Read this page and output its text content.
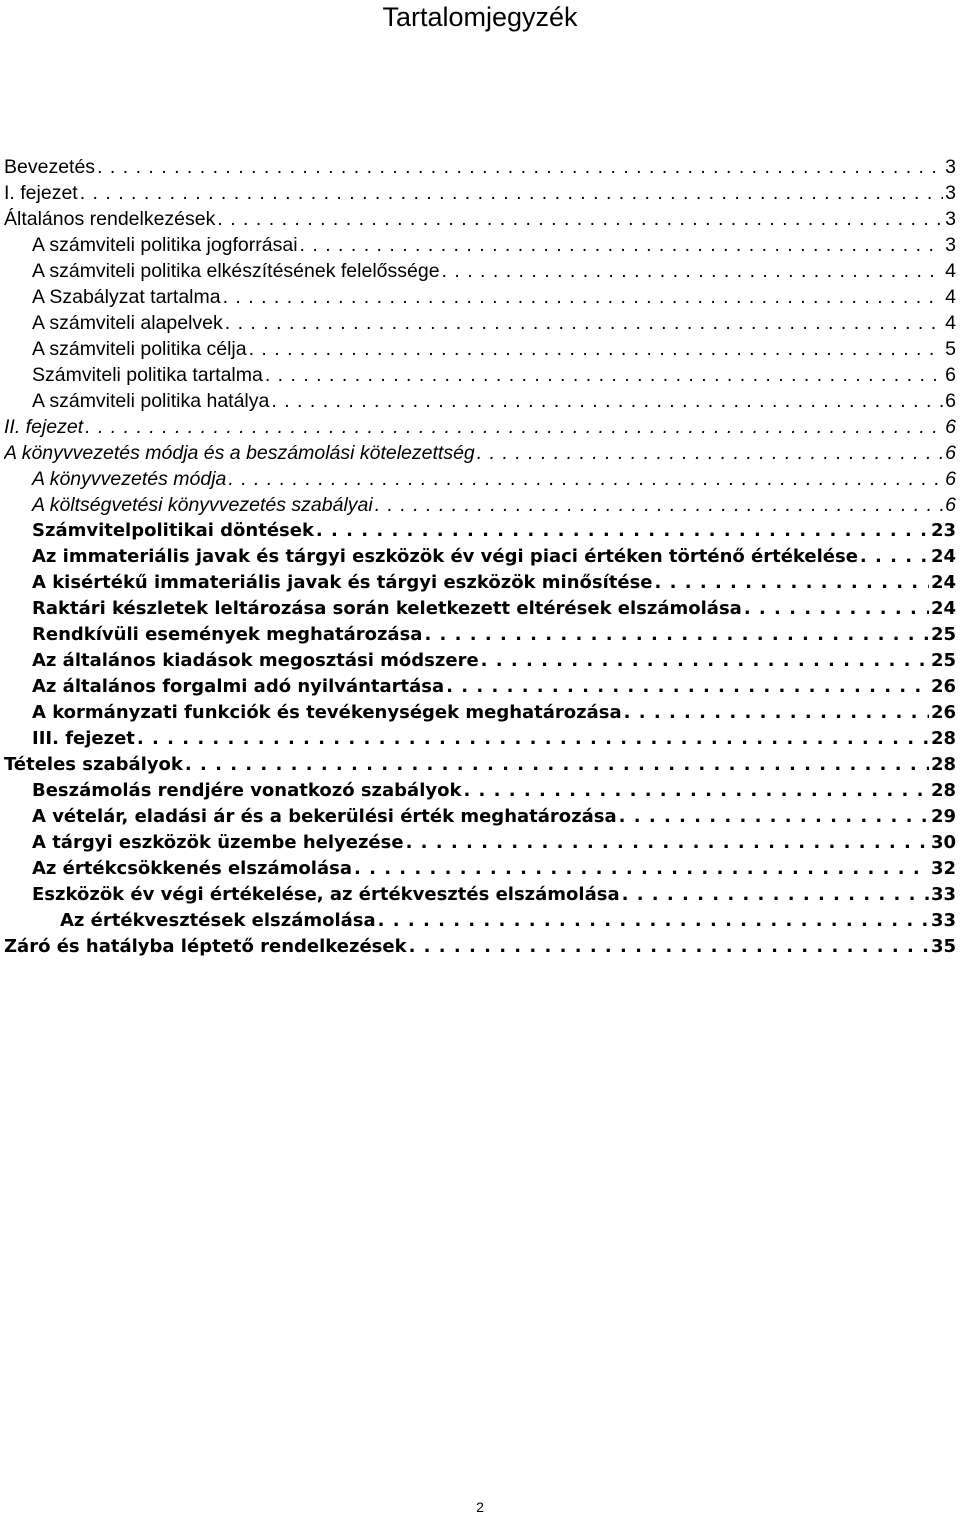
Tartalomjegyzék
Bevezetés . . .	3
I. fejezet . . .	3
Általános rendelkezések . . .	3
A számviteli politika jogforrásai . . .	3
A számviteli politika elkészítésének felelőssége . . .	4
A Szabályzat tartalma . . .	4
A számviteli alapelvek . . .	4
A számviteli politika célja . . .	5
Számviteli politika tartalma . . .	6
A számviteli politika hatálya . . .	6
II. fejezet . . .	6
A könyvvezetés módja és a beszámolási kötelezettség . . .	6
A könyvvezetés módja . . .	6
A költségvetési könyvvezetés szabályai . . .	6
Számvitelpolitikai döntések . . .	23
Az immateriális javak és tárgyi eszközök év végi piaci értéken történő értékelése . . .	24
A kisértékű immateriális javak és tárgyi eszközök minősítése . . .	24
Raktári készletek leltározása során keletkezett eltérések elszámolása . . .	24
Rendkívüli események meghatározása . . .	25
Az általános kiadások megosztási módszere . . .	25
Az általános forgalmi adó nyilvántartása . . .	26
A kormányzati funkciók és tevékenységek meghatározása . . .	26
III. fejezet . . .	28
Tételes szabályok . . .	28
Beszámolás rendjére vonatkozó szabályok . . .	28
A vételár, eladási ár és a bekerülési érték meghatározása . . .	29
A tárgyi eszközök üzembe helyezése . . .	30
Az értékcsökkenés elszámolása . . .	32
Eszközök év végi értékelése, az értékvesztés elszámolása . . .	33
Az értékvesztések elszámolása . . .	33
Záró és hatályba léptető rendelkezések . . .	35
2
